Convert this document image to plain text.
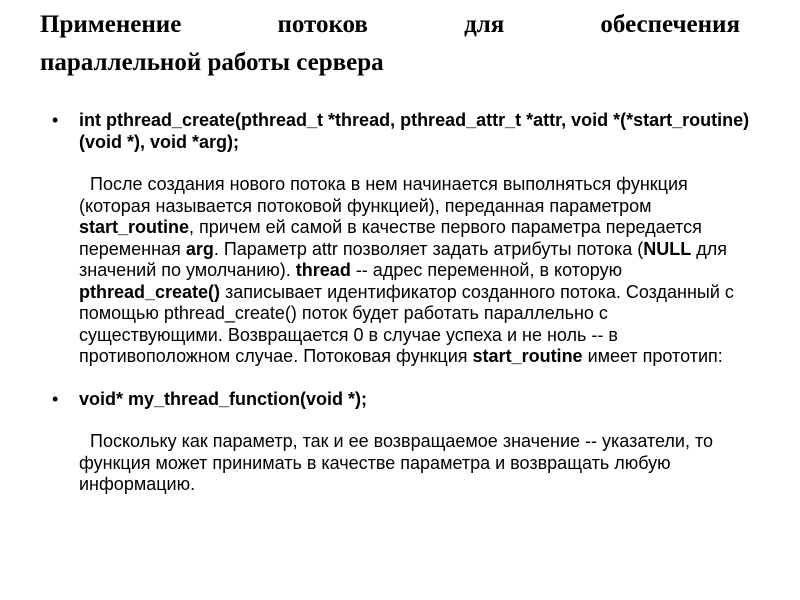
Применение	потоков	для	обеспечения
параллельной работы сервера
• int pthread_create(pthread_t *thread, pthread_attr_t *attr, void *(*start_routine)(void *), void *arg);
После создания нового потока в нем начинается выполняться функция (которая называется потоковой функцией), переданная параметром start_routine, причем ей самой в качестве первого параметра передается переменная arg. Параметр attr позволяет задать атрибуты потока (NULL для значений по умолчанию). thread -- адрес переменной, в которую pthread_create() записывает идентификатор созданного потока. Созданный с помощью pthread_create() поток будет работать параллельно с существующими. Возвращается 0 в случае успеха и не ноль -- в противоположном случае. Потоковая функция start_routine имеет прототип:
• void* my_thread_function(void *);
Поскольку как параметр, так и ее возвращаемое значение -- указатели, то функция может принимать в качестве параметра и возвращать любую информацию.
